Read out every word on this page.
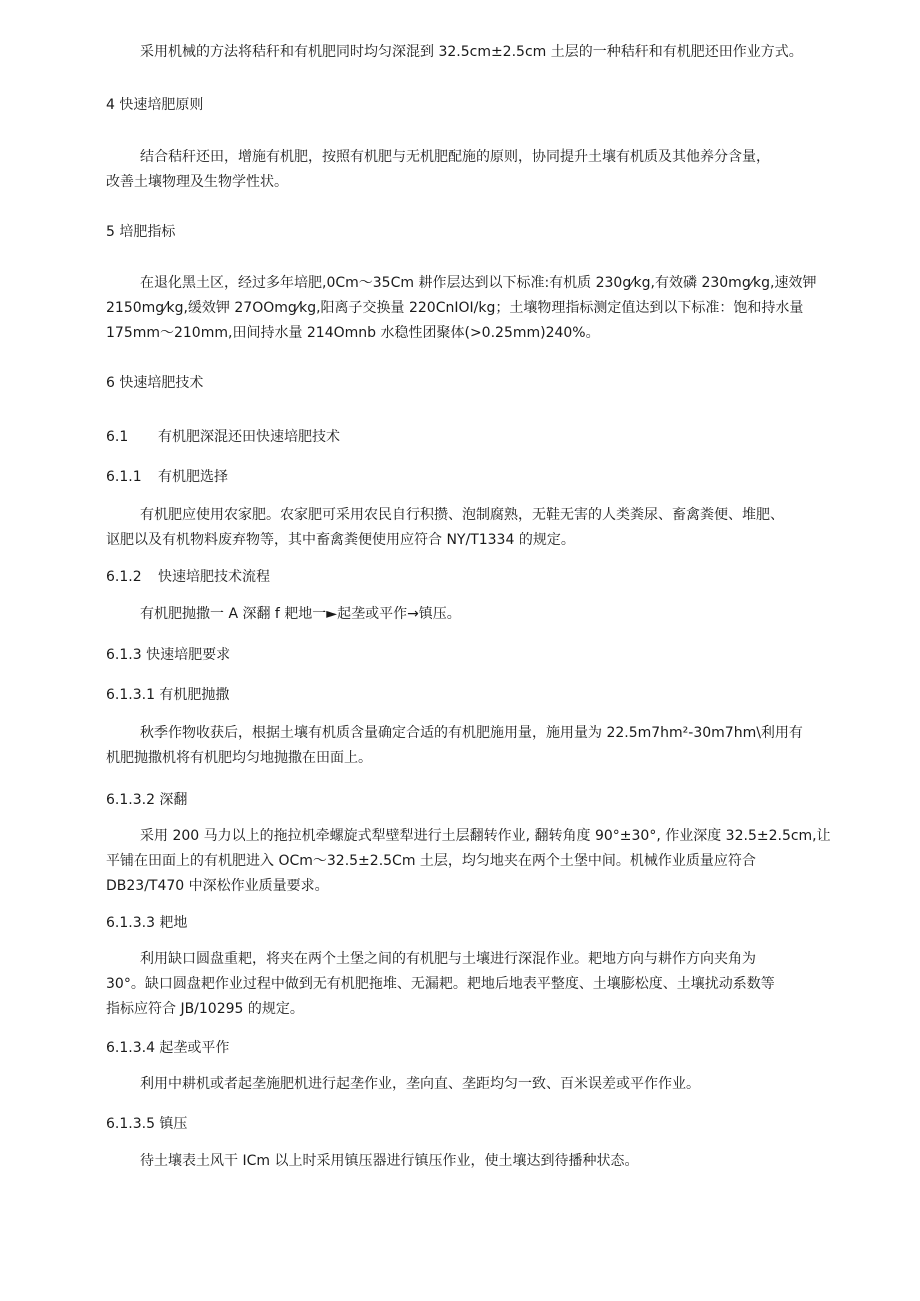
采用机械的方法将秸秆和有机肥同时均匀深混到 32.5cm±2.5cm 土层的一种秸秆和有机肥还田作业方式。
4 快速培肥原则
结合秸秆还田，增施有机肥，按照有机肥与无机肥配施的原则，协同提升土壤有机质及其他养分含量，
改善土壤物理及生物学性状。
5 培肥指标
在退化黑土区，经过多年培肥,0Cm～35Cm 耕作层达到以下标准:有机质 230g⁄kg,有效磷 230mg⁄kg,速效钾
2150mg⁄kg,缓效钾 27OOmg⁄kg,阳离子交换量 220CnIOI/kg；土壤物理指标测定值达到以下标准：饱和持水量
175mm～210mm,田间持水量 214Omnb 水稳性团聚体(>0.25mm)240%。
6 快速培肥技术
6.1 有机肥深混还田快速培肥技术
6.1.1 有机肥选择
有机肥应使用农家肥。农家肥可采用农民自行积攒、泡制腐熟，无鞋无害的人类粪尿、畜禽粪便、堆肥、
讴肥以及有机物料废弃物等，其中畜禽粪便使用应符合 NY/T1334 的规定。
6.1.2 快速培肥技术流程
有机肥抛撒一 A 深翻 f 耙地一►起垄或平作→镇压。
6.1.3 快速培肥要求
6.1.3.1 有机肥抛撒
秋季作物收获后，根据土壤有机质含量确定合适的有机肥施用量，施用量为 22.5m7hm²-30m7hm\利用有
机肥抛撒机将有机肥均匀地抛撒在田面上。
6.1.3.2 深翻
采用 200 马力以上的拖拉机牵螺旋式犁壁犁进行土层翻转作业, 翻转角度 90°±30°, 作业深度 32.5±2.5cm,让
平铺在田面上的有机肥进入 OCm～32.5±2.5Cm 土层，均匀地夹在两个土堡中间。机械作业质量应符合
DB23/T470 中深松作业质量要求。
6.1.3.3 耙地
利用缺口圆盘重耙，将夹在两个土堡之间的有机肥与土壤进行深混作业。耙地方向与耕作方向夹角为
30°。缺口圆盘耙作业过程中做到无有机肥拖堆、无漏耙。耙地后地表平整度、土壤膨松度、土壤扰动系数等
指标应符合 JB/10295 的规定。
6.1.3.4 起垄或平作
利用中耕机或者起垄施肥机进行起垄作业，垄向直、垄距均匀一致、百米误差或平作作业。
6.1.3.5 镇压
待土壤表土风干 ICm 以上时采用镇压器进行镇压作业，使土壤达到待播种状态。
